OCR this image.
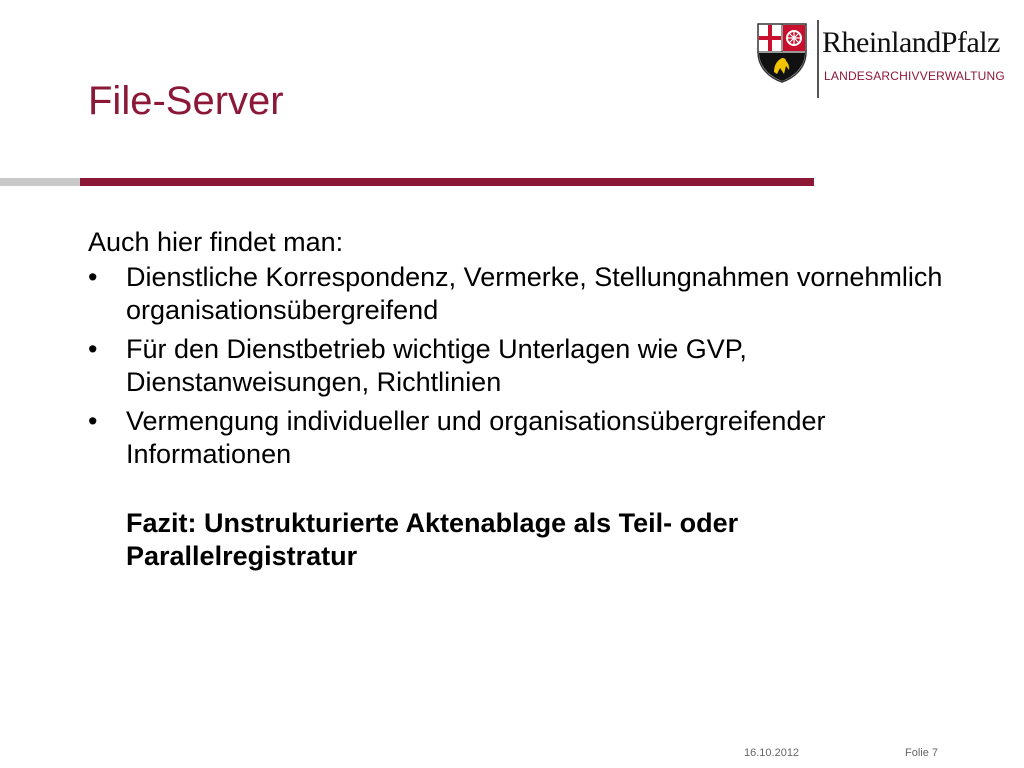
File-Server
RheinlandPfalz
LANDESARCHIVVERWALTUNG

Auch hier findet man:

• Dienstliche Korrespondenz, Vermerke, Stellungnahmen vornehmlich organisationsübergreifend
• Für den Dienstbetrieb wichtige Unterlagen wie GVP, Dienstanweisungen, Richtlinien
• Vermengung individueller und organisationsübergreifender Informationen

Fazit: Unstrukturierte Aktenablage als Teil- oder Parallelregistratur

16.10.2012	Folie 7
